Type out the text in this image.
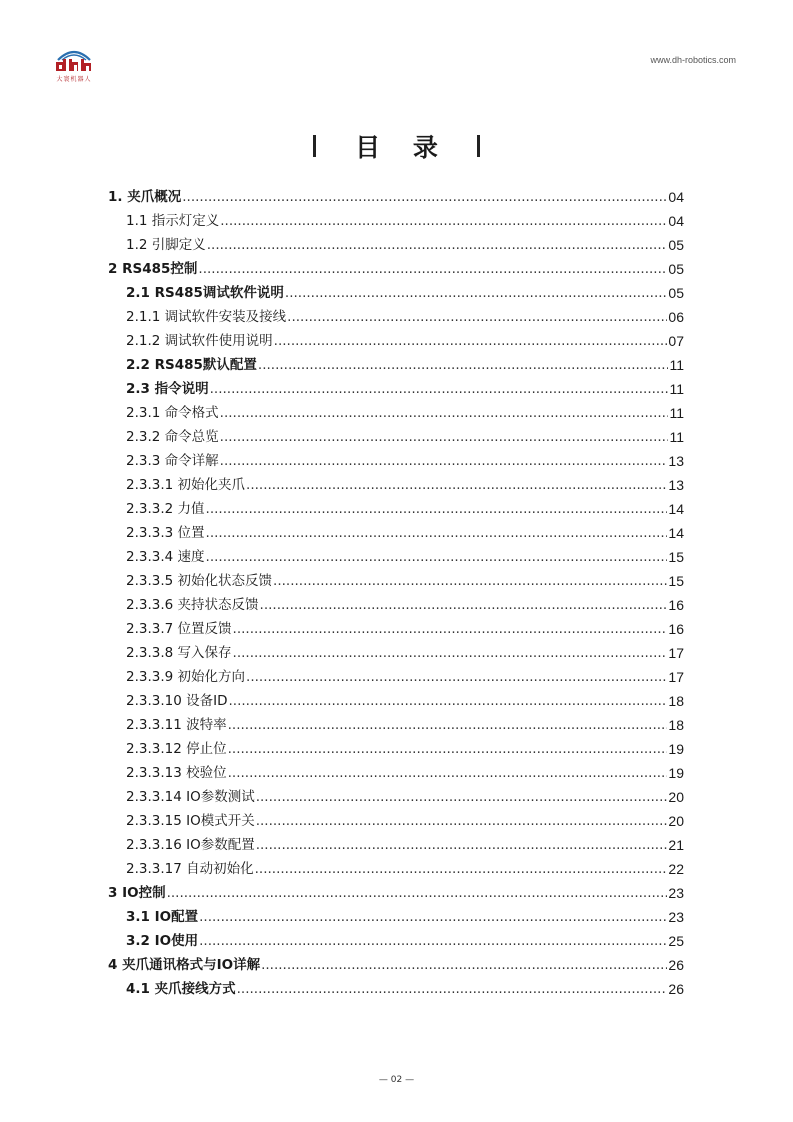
大寰机器人
www.dh-robotics.com
目 录
1. 夹爪概况 .....	04
1.1 指示灯定义 .....	04
1.2 引脚定义 .....	05
2 RS485控制 .....	05
2.1 RS485调试软件说明 .....	05
2.1.1 调试软件安装及接线 .....	06
2.1.2 调试软件使用说明 .....	07
2.2 RS485默认配置 .....	11
2.3 指令说明 .....	11
2.3.1 命令格式 .....	11
2.3.2 命令总览 .....	11
2.3.3 命令详解 .....	13
2.3.3.1 初始化夹爪 .....	13
2.3.3.2 力值 .....	14
2.3.3.3 位置 .....	14
2.3.3.4 速度 .....	15
2.3.3.5 初始化状态反馈 .....	15
2.3.3.6 夹持状态反馈 .....	16
2.3.3.7 位置反馈 .....	16
2.3.3.8 写入保存 .....	17
2.3.3.9 初始化方向 .....	17
2.3.3.10 设备ID .....	18
2.3.3.11 波特率 .....	18
2.3.3.12 停止位 .....	19
2.3.3.13 校验位 .....	19
2.3.3.14 IO参数测试 .....	20
2.3.3.15 IO模式开关 .....	20
2.3.3.16 IO参数配置 .....	21
2.3.3.17 自动初始化 .....	22
3 IO控制 .....	23
3.1 IO配置 .....	23
3.2 IO使用 .....	25
4 夹爪通讯格式与IO详解 .....	26
4.1 夹爪接线方式 .....	26
— 02 —
